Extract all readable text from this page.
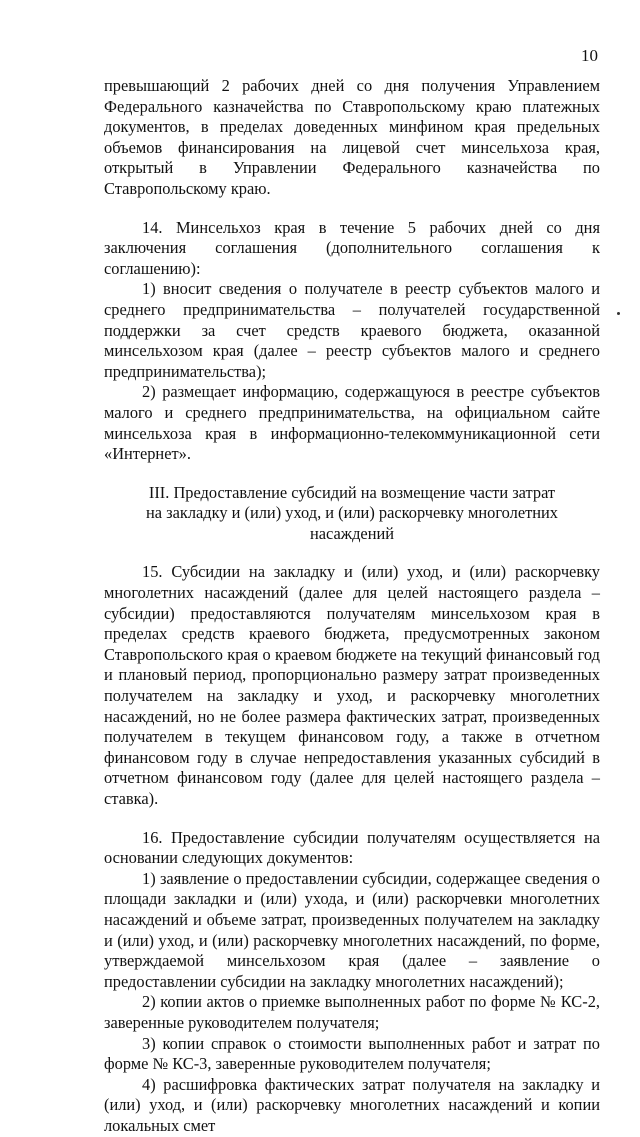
10

превышающий 2 рабочих дней со дня получения Управлением Федерального казначейства по Ставропольскому краю платежных документов, в пределах доведенных минфином края предельных объемов финансирования на лицевой счет минсельхоза края, открытый в Управлении Федерального казначейства по Ставропольскому краю.

14. Минсельхоз края в течение 5 рабочих дней со дня заключения соглашения (дополнительного соглашения к соглашению):

1) вносит сведения о получателе в реестр субъектов малого и среднего предпринимательства – получателей государственной поддержки за счет средств краевого бюджета, оказанной минсельхозом края (далее – реестр субъектов малого и среднего предпринимательства);

2) размещает информацию, содержащуюся в реестре субъектов малого и среднего предпринимательства, на официальном сайте минсельхоза края в информационно-телекоммуникационной сети «Интернет».

III. Предоставление субсидий на возмещение части затрат

на закладку и (или) уход, и (или) раскорчевку многолетних насаждений

15. Субсидии на закладку и (или) уход, и (или) раскорчевку многолетних насаждений (далее для целей настоящего раздела – субсидии) предоставляются получателям минсельхозом края в пределах средств краевого бюджета, предусмотренных законом Ставропольского края о краевом бюджете на текущий финансовый год и плановый период, пропорционально размеру затрат произведенных получателем на закладку и уход, и раскорчевку многолетних насаждений, но не более размера фактических затрат, произведенных получателем в текущем финансовом году, а также в отчетном финансовом году в случае непредоставления указанных субсидий в отчетном финансовом году (далее для целей настоящего раздела – ставка).

16. Предоставление субсидии получателям осуществляется на основании следующих документов:

1) заявление о предоставлении субсидии, содержащее сведения о площади закладки и (или) ухода, и (или) раскорчевки многолетних насаждений и объеме затрат, произведенных получателем на закладку и (или) уход, и (или) раскорчевку многолетних насаждений, по форме, утверждаемой минсельхозом края (далее – заявление о предоставлении субсидии на закладку многолетних насаждений);

2) копии актов о приемке выполненных работ по форме № КС-2, заверенные руководителем получателя;

3) копии справок о стоимости выполненных работ и затрат по форме № КС-3, заверенные руководителем получателя;

4) расшифровка фактических затрат получателя на закладку и (или) уход, и (или) раскорчевку многолетних насаждений и копии локальных смет
